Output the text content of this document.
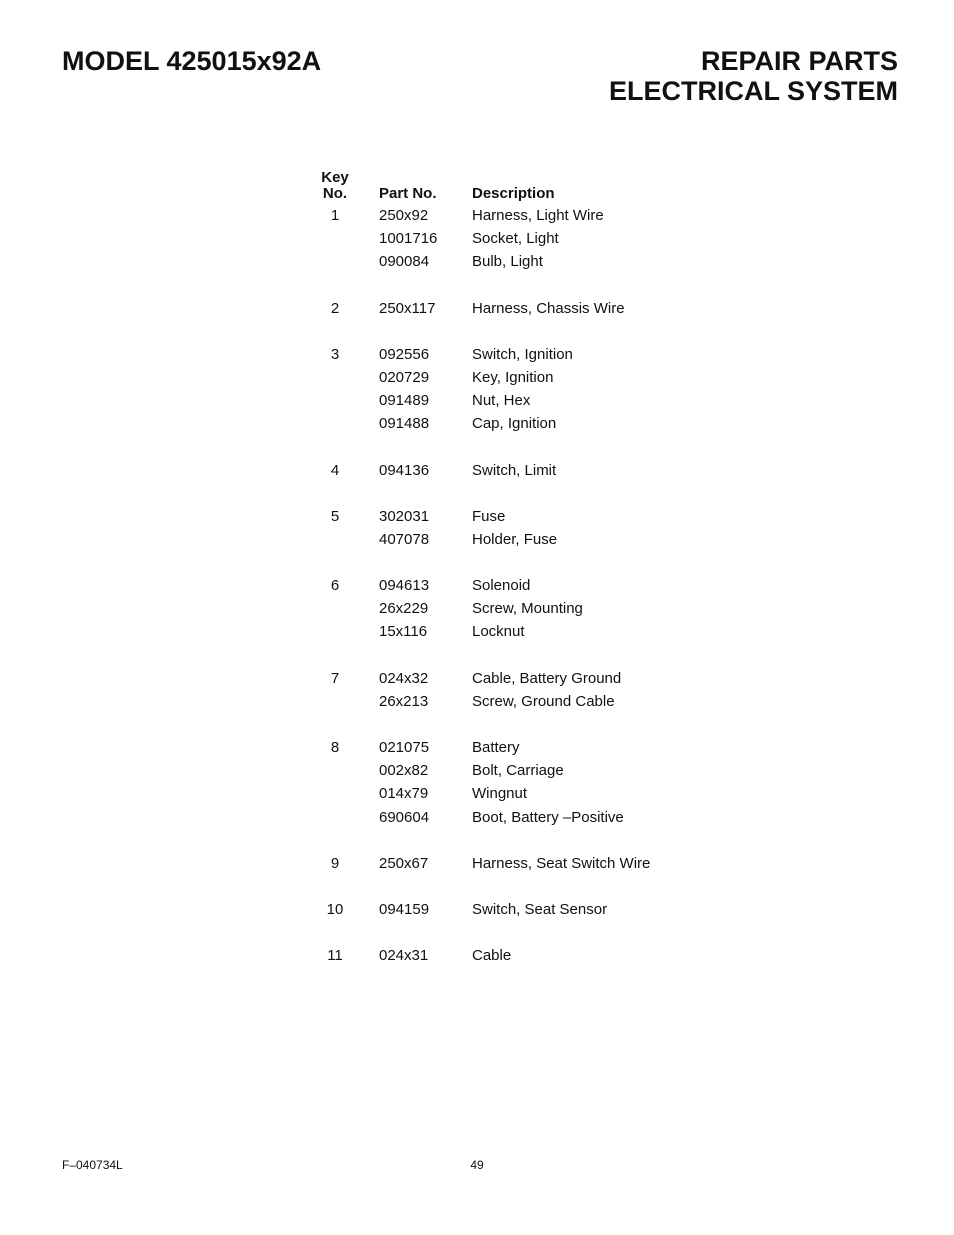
MODEL 425015x92A	REPAIR PARTS
ELECTRICAL SYSTEM
Key
No.	Part No. Description
1	250x92	Harness, Light Wire
1001716 Socket, Light
090084	Bulb, Light
2	250x117 Harness, Chassis Wire
3	092556	Switch, Ignition
020729	Key, Ignition
091489	Nut, Hex
091488	Cap, Ignition
4	094136	Switch, Limit
5	302031	Fuse
407078	Holder, Fuse
6	094613	Solenoid
26x229	Screw, Mounting
15x116	Locknut
7	024x32	Cable, Battery Ground
26x213	Screw, Ground Cable
8	021075	Battery
002x82	Bolt, Carriage
014x79	Wingnut
690604	Boot, Battery –Positive
9	250x67	Harness, Seat Switch Wire
10	094159	Switch, Seat Sensor
11	024x31	Cable
F–040734L	49
